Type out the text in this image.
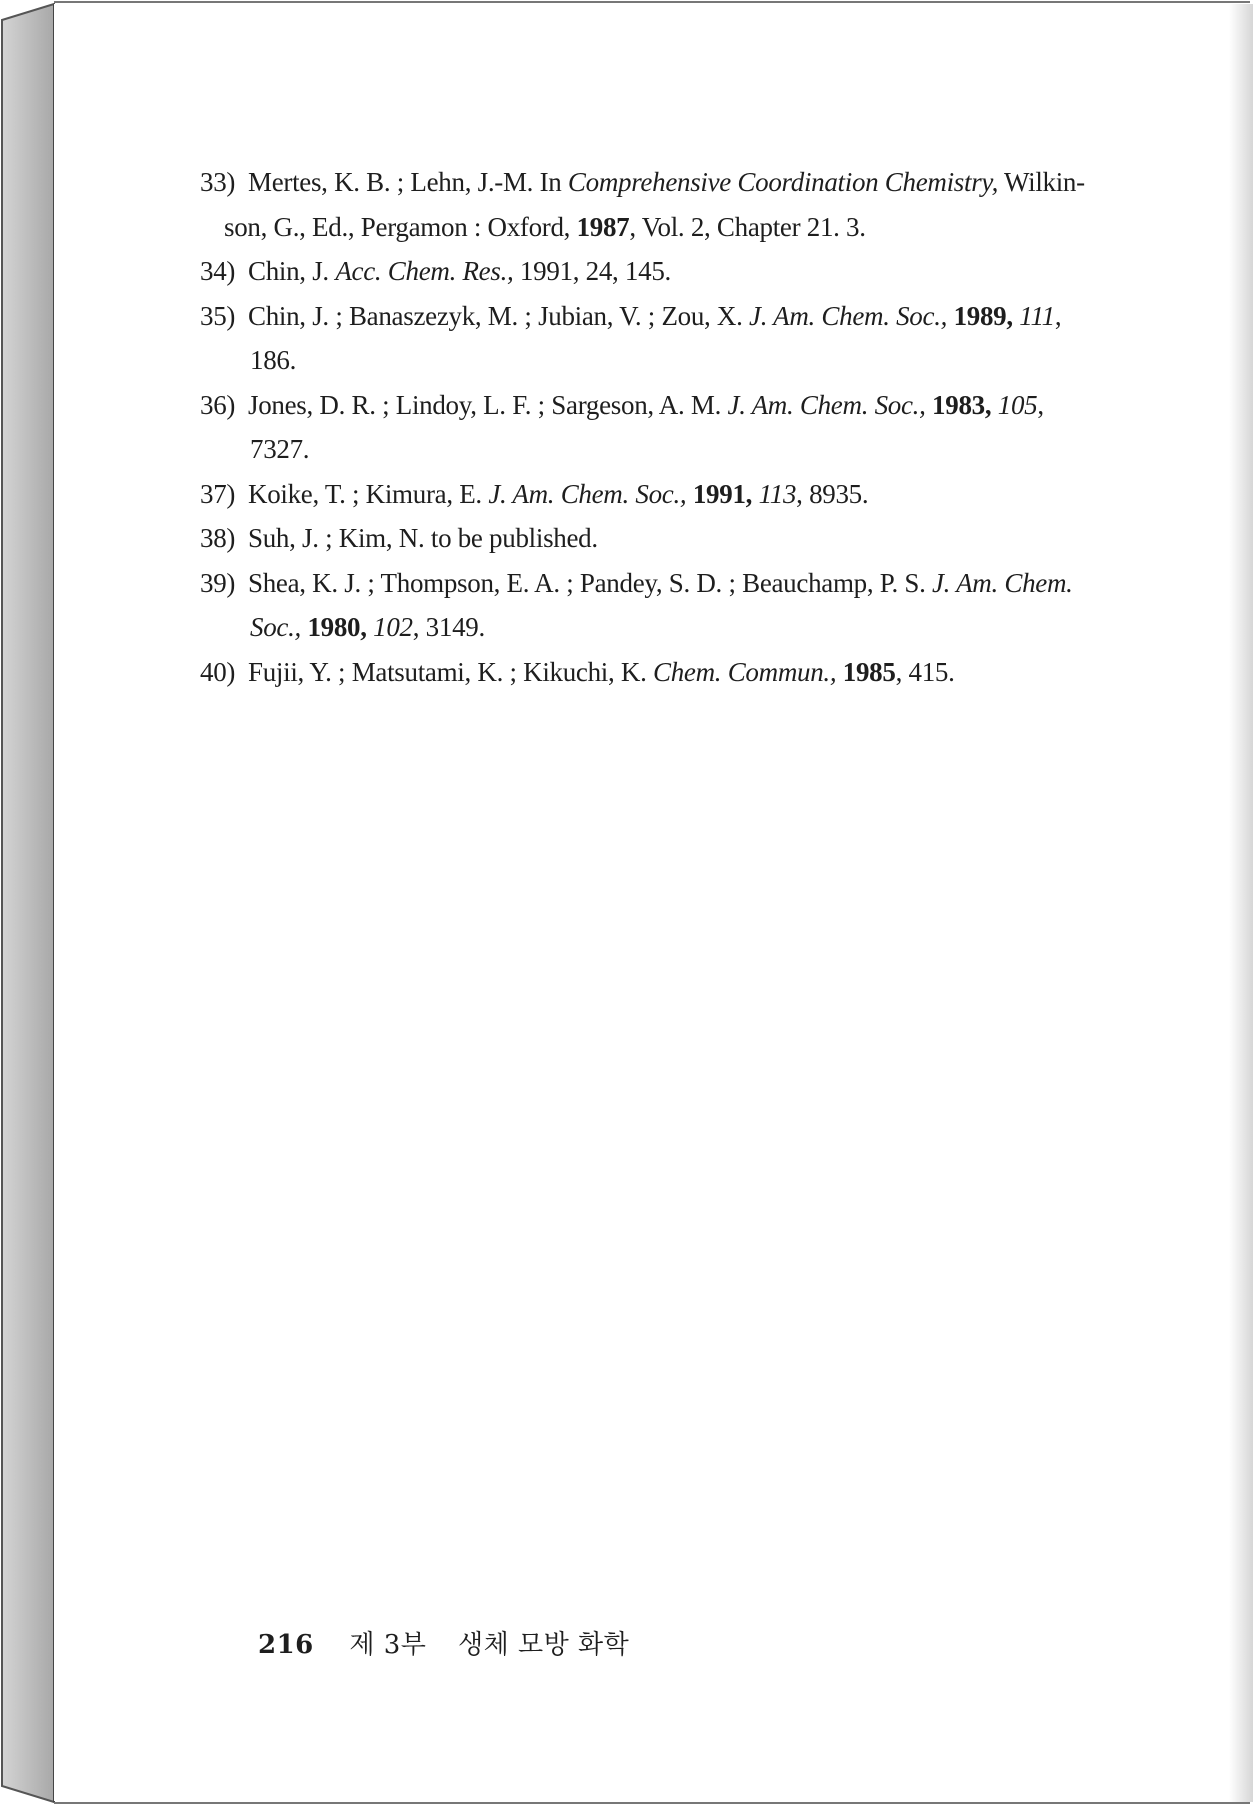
33) Mertes, K. B. ; Lehn, J.-M. In Comprehensive Coordination Chemistry, Wilkin-
son, G., Ed., Pergamon : Oxford, 1987, Vol. 2, Chapter 21. 3.
34) Chin, J. Acc. Chem. Res., 1991, 24, 145.
35) Chin, J. ; Banaszezyk, M. ; Jubian, V. ; Zou, X. J. Am. Chem. Soc., 1989, 111,
186.
36) Jones, D. R. ; Lindoy, L. F. ; Sargeson, A. M. J. Am. Chem. Soc., 1983, 105,
7327.
37) Koike, T. ; Kimura, E. J. Am. Chem. Soc., 1991, 113, 8935.
38) Suh, J. ; Kim, N. to be published.
39) Shea, K. J. ; Thompson, E. A. ; Pandey, S. D. ; Beauchamp, P. S. J. Am. Chem.
Soc., 1980, 102, 3149.
40) Fujii, Y. ; Matsutami, K. ; Kikuchi, K. Chem. Commun., 1985, 415.
216 제 3부 생체 모방 화학
